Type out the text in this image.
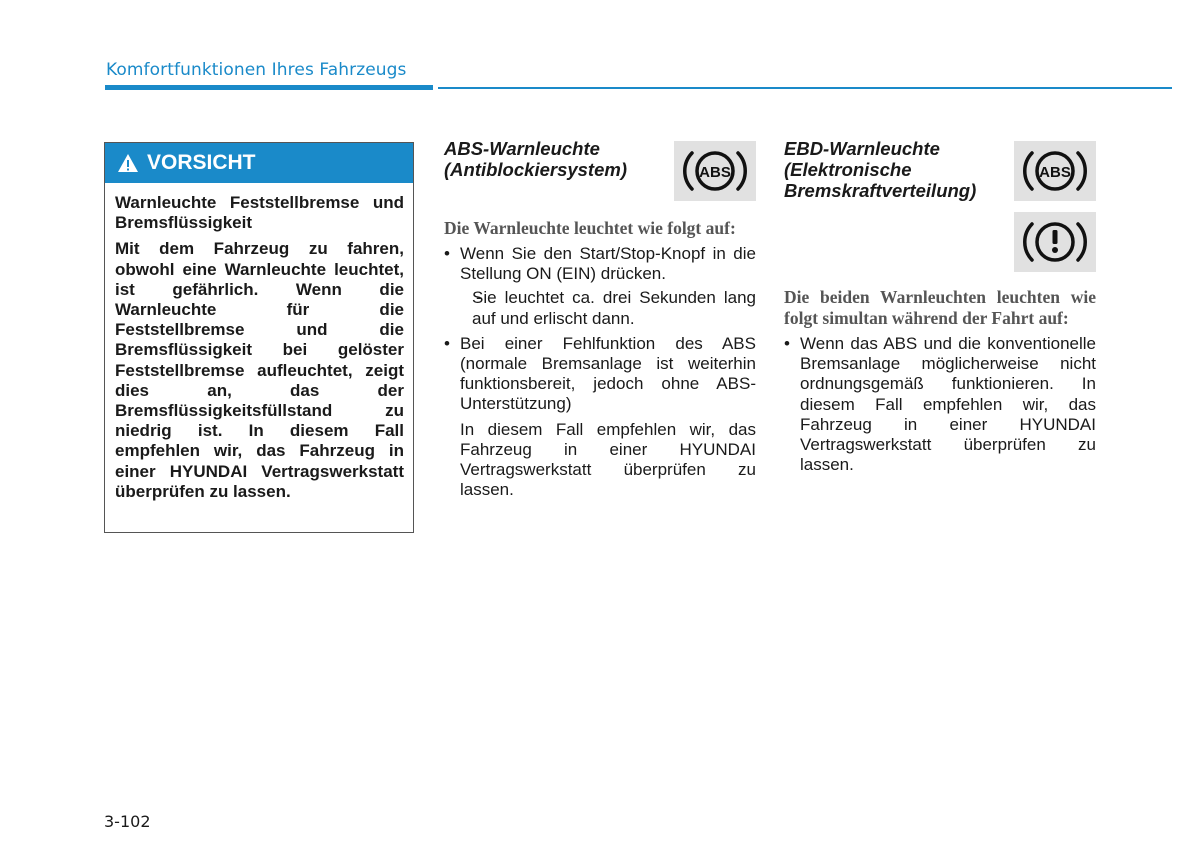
Komfortfunktionen Ihres Fahrzeugs
VORSICHT

Warnleuchte Feststellbremse und Bremsflüssigkeit

Mit dem Fahrzeug zu fahren, obwohl eine Warnleuchte leuchtet, ist gefährlich. Wenn die Warnleuchte für die Feststellbremse und die Bremsflüssigkeit bei gelöster Feststellbremse aufleuchtet, zeigt dies an, das der Bremsflüssigkeitsfüllstand zu niedrig ist. In diesem Fall empfehlen wir, das Fahrzeug in einer HYUNDAI Vertragswerkstatt überprüfen zu lassen.

ABS-Warnleuchte (Antiblockiersystem)

Die Warnleuchte leuchtet wie folgt auf:

• Wenn Sie den Start/Stop-Knopf in die Stellung ON (EIN) drücken.
- Sie leuchtet ca. drei Sekunden lang auf und erlischt dann.
• Bei einer Fehlfunktion des ABS (normale Bremsanlage ist weiterhin funktionsbereit, jedoch ohne ABS-Unterstützung)
In diesem Fall empfehlen wir, das Fahrzeug in einer HYUNDAI Vertragswerkstatt überprüfen zu lassen.
ABS
EBD-Warnleuchte (Elektronische Bremskraftverteilung)

Die beiden Warnleuchten leuchten wie folgt simultan während der Fahrt auf:

• Wenn das ABS und die konventionelle Bremsanlage möglicherweise nicht ordnungsgemäß funktionieren. In diesem Fall empfehlen wir, das Fahrzeug in einer HYUNDAI Vertragswerkstatt überprüfen zu lassen.
ABS
3-102
